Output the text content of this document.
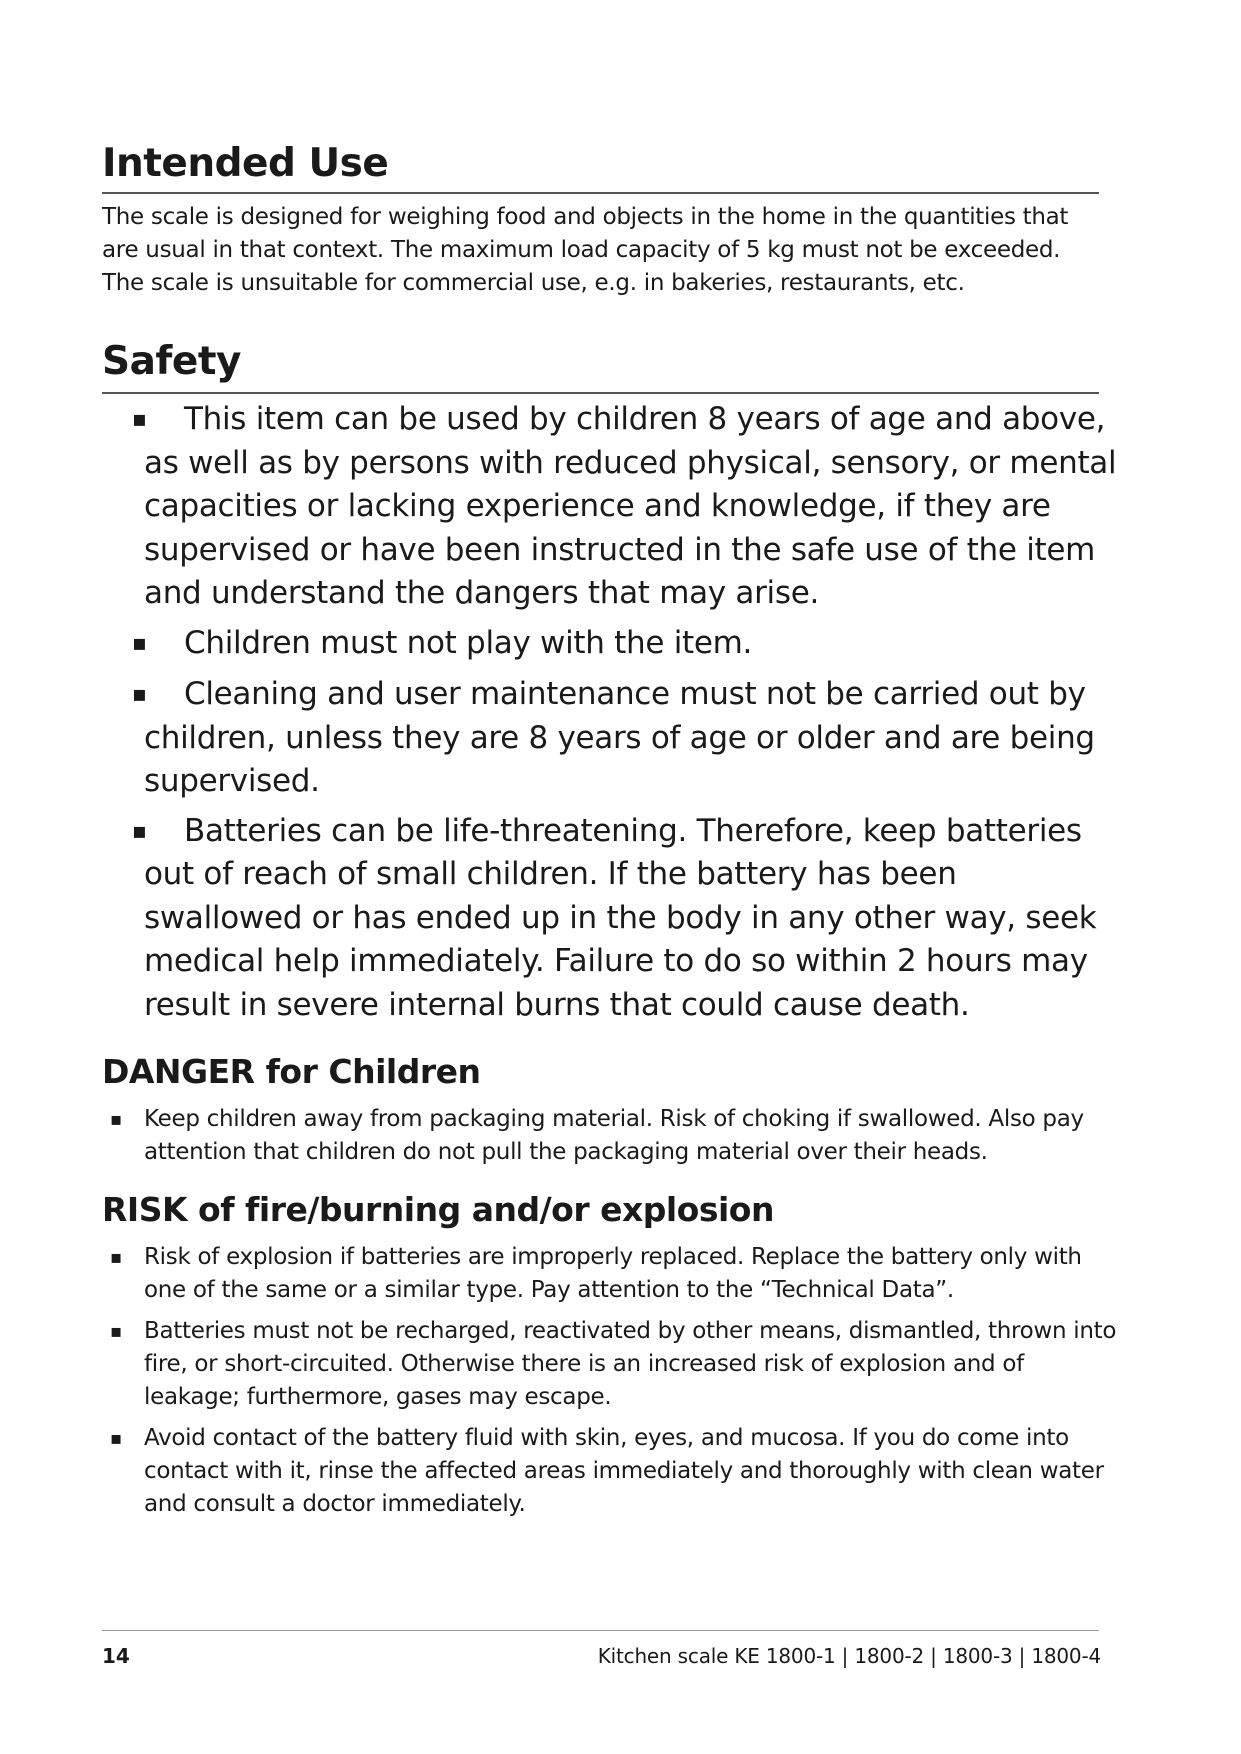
Intended Use

The scale is designed for weighing food and objects in the home in the quantities that are usual in that context. The maximum load capacity of 5 kg must not be exceeded. The scale is unsuitable for commercial use, e.g. in bakeries, restaurants, etc.

Safety
▪ This item can be used by children 8 years of age and above, as well as by persons with reduced physical, sensory, or mental capacities or lacking experience and knowledge, if they are supervised or have been instructed in the safe use of the item and understand the dangers that may arise.
▪ Children must not play with the item.
▪ Cleaning and user maintenance must not be carried out by children, unless they are 8 years of age or older and are being supervised.
▪ Batteries can be life-threatening. Therefore, keep batteries out of reach of small children. If the battery has been swallowed or has ended up in the body in any other way, seek medical help immediately. Failure to do so within 2 hours may result in severe internal burns that could cause death.
DANGER for Children
▪ Keep children away from packaging material. Risk of choking if swallowed. Also pay attention that children do not pull the packaging material over their heads.
RISK of fire/burning and/or explosion
▪ Risk of explosion if batteries are improperly replaced. Replace the battery only with one of the same or a similar type. Pay attention to the “Technical Data”.
▪ Batteries must not be recharged, reactivated by other means, dismantled, thrown into fire, or short-circuited. Otherwise there is an increased risk of explosion and of leakage; furthermore, gases may escape.
▪ Avoid contact of the battery fluid with skin, eyes, and mucosa. If you do come into contact with it, rinse the affected areas immediately and thoroughly with clean water and consult a doctor immediately.
14	Kitchen scale KE 1800-1 | 1800-2 | 1800-3 | 1800-4
